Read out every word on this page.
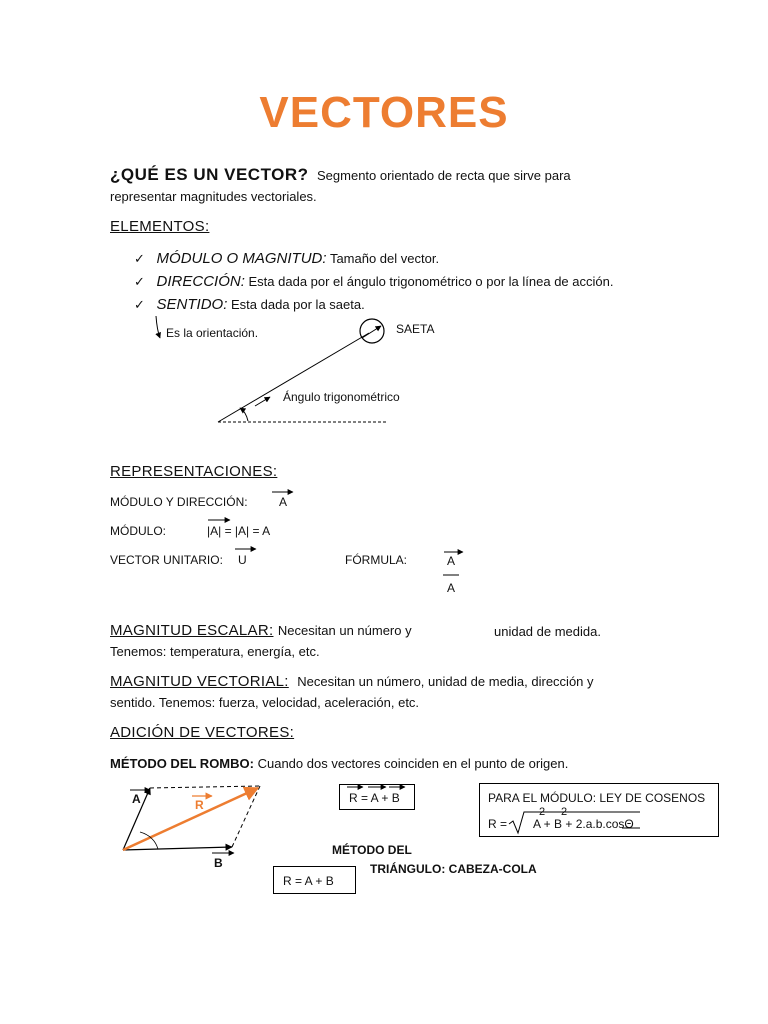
VECTORES
¿QUÉ ES UN VECTOR? Segmento orientado de recta que sirve para
representar magnitudes vectoriales.
ELEMENTOS:
✓ MÓDULO O MAGNITUD: Tamaño del vector.
✓ DIRECCIÓN: Esta dada por el ángulo trigonométrico o por la línea de acción.
✓ SENTIDO: Esta dada por la saeta.
Es la orientación.	SAETA
Ángulo trigonométrico
REPRESENTACIONES:
MÓDULO Y DIRECCIÓN:	A
MÓDULO:	|A| = |A| = A
VECTOR UNITARIO: U	FÓRMULA:	A
A
MAGNITUD ESCALAR: Necesitan un número y	unidad de medida.
Tenemos: temperatura, energía, etc.
MAGNITUD VECTORIAL: Necesitan un número, unidad de media, dirección y
sentido. Tenemos: fuerza, velocidad, aceleración, etc.
ADICIÓN DE VECTORES:
MÉTODO DEL ROMBO: Cuando dos vectores coinciden en el punto de origen.
A	R
B
R = A + B	PARA EL MÓDULO: LEY DE COSENOS
R =
2 2
A + B + 2.a.b.cosΘ
MÉTODO DEL
TRIÁNGULO: CABEZA-COLA
R = A + B
